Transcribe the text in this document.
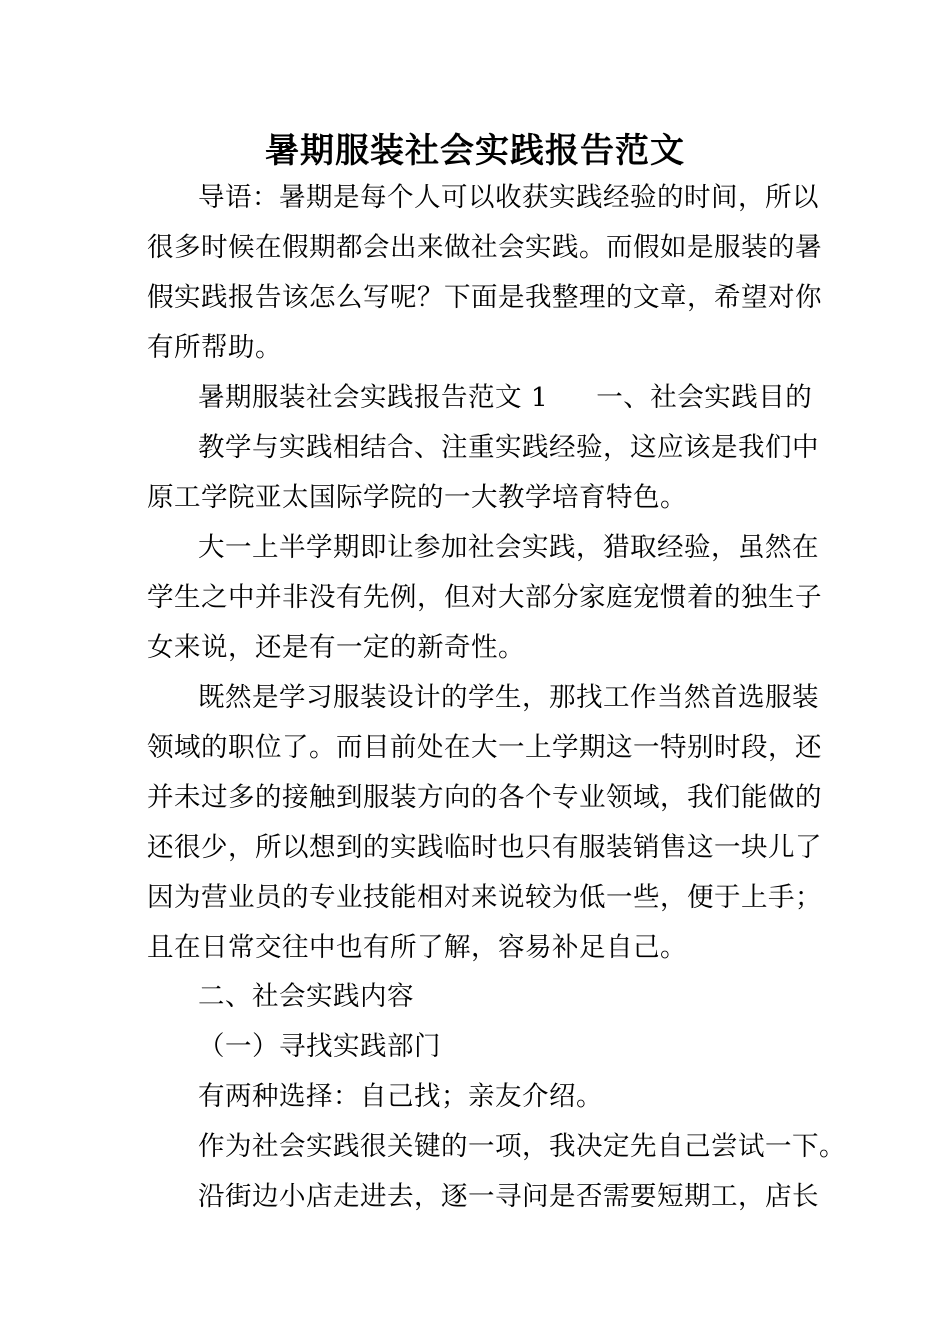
暑期服装社会实践报告范文
导语：暑期是每个人可以收获实践经验的时间，所以
很多时候在假期都会出来做社会实践。而假如是服装的暑
假实践报告该怎么写呢？下面是我整理的文章，希望对你
有所帮助。
暑期服装社会实践报告范文 1 一、社会实践目的
教学与实践相结合、注重实践经验，这应该是我们中
原工学院亚太国际学院的一大教学培育特色。
大一上半学期即让参加社会实践，猎取经验，虽然在
学生之中并非没有先例，但对大部分家庭宠惯着的独生子
女来说，还是有一定的新奇性。
既然是学习服装设计的学生，那找工作当然首选服装
领域的职位了。而目前处在大一上学期这一特别时段，还
并未过多的接触到服装方向的各个专业领域，我们能做的
还很少，所以想到的实践临时也只有服装销售这一块儿了
因为营业员的专业技能相对来说较为低一些，便于上手；
且在日常交往中也有所了解，容易补足自己。
二、社会实践内容
（一）寻找实践部门
有两种选择：自己找；亲友介绍。
作为社会实践很关键的一项，我决定先自己尝试一下。
沿街边小店走进去，逐一寻问是否需要短期工，店长
